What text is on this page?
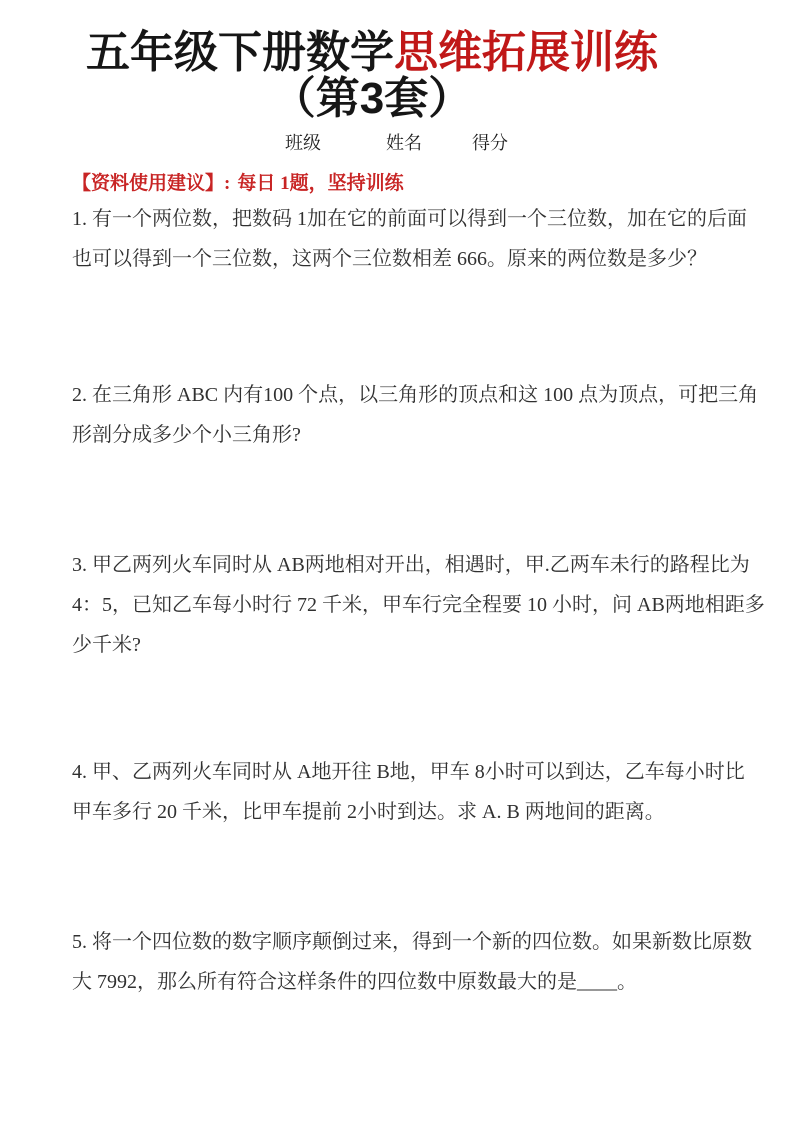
五年级下册数学思维拓展训练
（第3套）
班级	姓名	得分
【资料使用建议】: 每日 1题，坚持训练
1. 有一个两位数，把数码 1加在它的前面可以得到一个三位数，加在它的后面
也可以得到一个三位数，这两个三位数相差 666。原来的两位数是多少？
2. 在三角形 ABC 内有100 个点，以三角形的顶点和这 100 点为顶点，可把三角
形剖分成多少个小三角形?
3. 甲乙两列火车同时从 AB两地相对开出，相遇时，甲.乙两车未行的路程比为
4：5，已知乙车每小时行 72 千米，甲车行完全程要 10 小时，问 AB两地相距多
少千米?
4. 甲、乙两列火车同时从 A地开往 B地，甲车 8小时可以到达，乙车每小时比
甲车多行 20 千米，比甲车提前 2小时到达。求 A. B 两地间的距离。
5. 将一个四位数的数字顺序颠倒过来，得到一个新的四位数。如果新数比原数
大 7992，那么所有符合这样条件的四位数中原数最大的是____。
